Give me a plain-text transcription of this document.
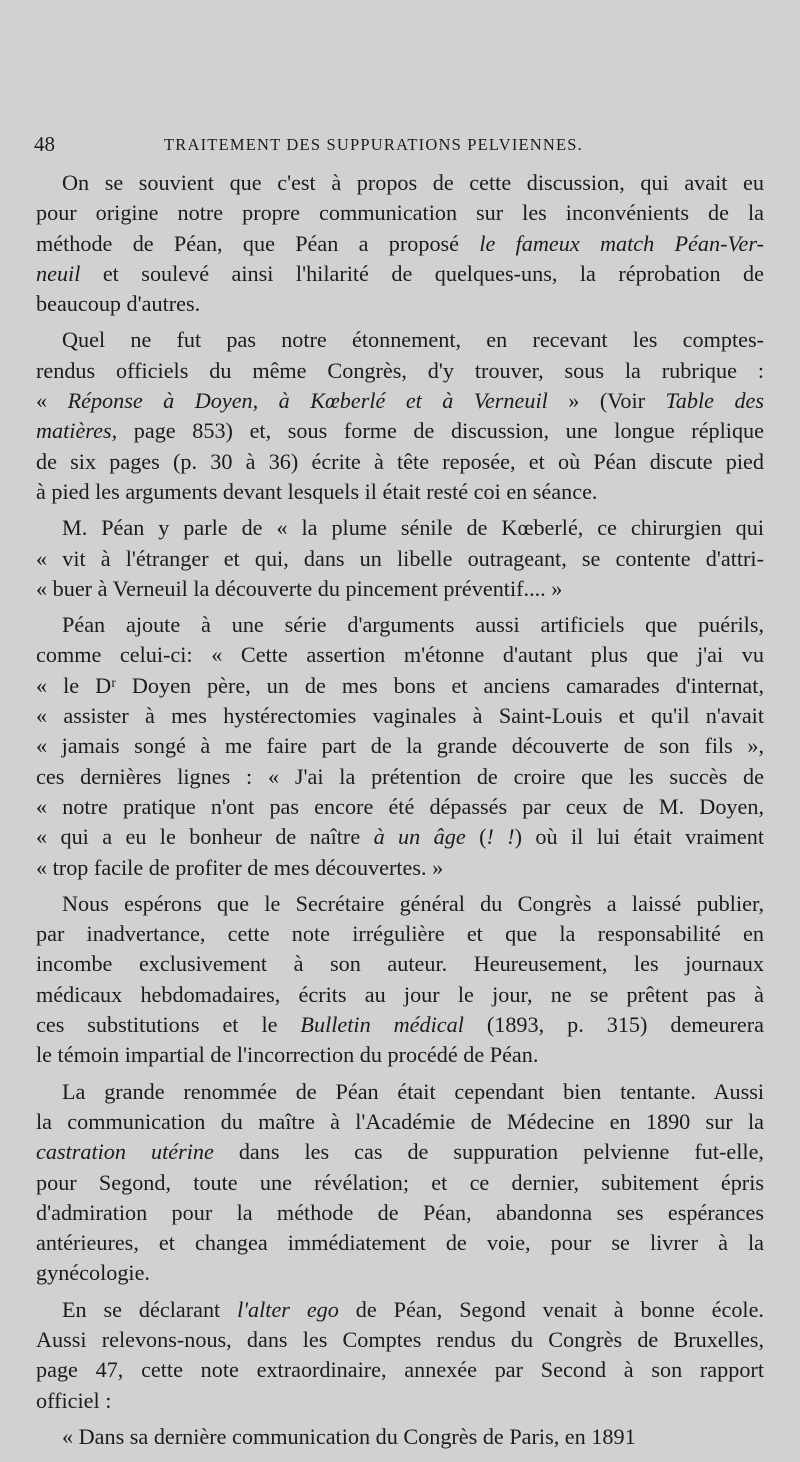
48	TRAITEMENT DES SUPPURATIONS PELVIENNES.
On se souvient que c'est à propos de cette discussion, qui avait eu
pour origine notre propre communication sur les inconvénients de la
méthode de Péan, que Péan a proposé le fameux match Péan-Ver-
neuil et soulevé ainsi l'hilarité de quelques-uns, la réprobation de
beaucoup d'autres.
Quel ne fut pas notre étonnement, en recevant les comptes-
rendus officiels du même Congrès, d'y trouver, sous la rubrique :
« Réponse à Doyen, à Kœberlé et à Verneuil » (Voir Table des
matières, page 853) et, sous forme de discussion, une longue réplique
de six pages (p. 30 à 36) écrite à tête reposée, et où Péan discute pied
à pied les arguments devant lesquels il était resté coi en séance.
M. Péan y parle de « la plume sénile de Kœberlé, ce chirurgien qui
« vit à l'étranger et qui, dans un libelle outrageant, se contente d'attri-
« buer à Verneuil la découverte du pincement préventif.... »
Péan ajoute à une série d'arguments aussi artificiels que puérils,
comme celui-ci: « Cette assertion m'étonne d'autant plus que j'ai vu
« le Dʳ Doyen père, un de mes bons et anciens camarades d'internat,
« assister à mes hystérectomies vaginales à Saint-Louis et qu'il n'avait
« jamais songé à me faire part de la grande découverte de son fils »,
ces dernières lignes : « J'ai la prétention de croire que les succès de
« notre pratique n'ont pas encore été dépassés par ceux de M. Doyen,
« qui a eu le bonheur de naître à un âge (! !) où il lui était vraiment
« trop facile de profiter de mes découvertes. »
Nous espérons que le Secrétaire général du Congrès a laissé publier,
par inadvertance, cette note irrégulière et que la responsabilité en
incombe exclusivement à son auteur. Heureusement, les journaux
médicaux hebdomadaires, écrits au jour le jour, ne se prêtent pas à
ces substitutions et le Bulletin médical (1893, p. 315) demeurera
le témoin impartial de l'incorrection du procédé de Péan.
La grande renommée de Péan était cependant bien tentante. Aussi
la communication du maître à l'Académie de Médecine en 1890 sur la
castration utérine dans les cas de suppuration pelvienne fut-elle,
pour Segond, toute une révélation; et ce dernier, subitement épris
d'admiration pour la méthode de Péan, abandonna ses espérances
antérieures, et changea immédiatement de voie, pour se livrer à la
gynécologie.
En se déclarant l'alter ego de Péan, Segond venait à bonne école.
Aussi relevons-nous, dans les Comptes rendus du Congrès de Bruxelles,
page 47, cette note extraordinaire, annexée par Second à son rapport
officiel :
« Dans sa dernière communication du Congrès de Paris, en 1891
